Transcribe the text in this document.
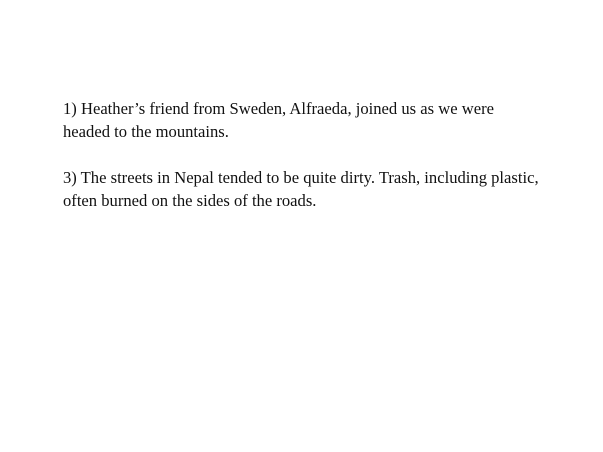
1) Heather’s friend from Sweden, Alfraeda, joined us as we were headed to the mountains.

3) The streets in Nepal tended to be quite dirty. Trash, including plastic, often burned on the sides of the roads.
